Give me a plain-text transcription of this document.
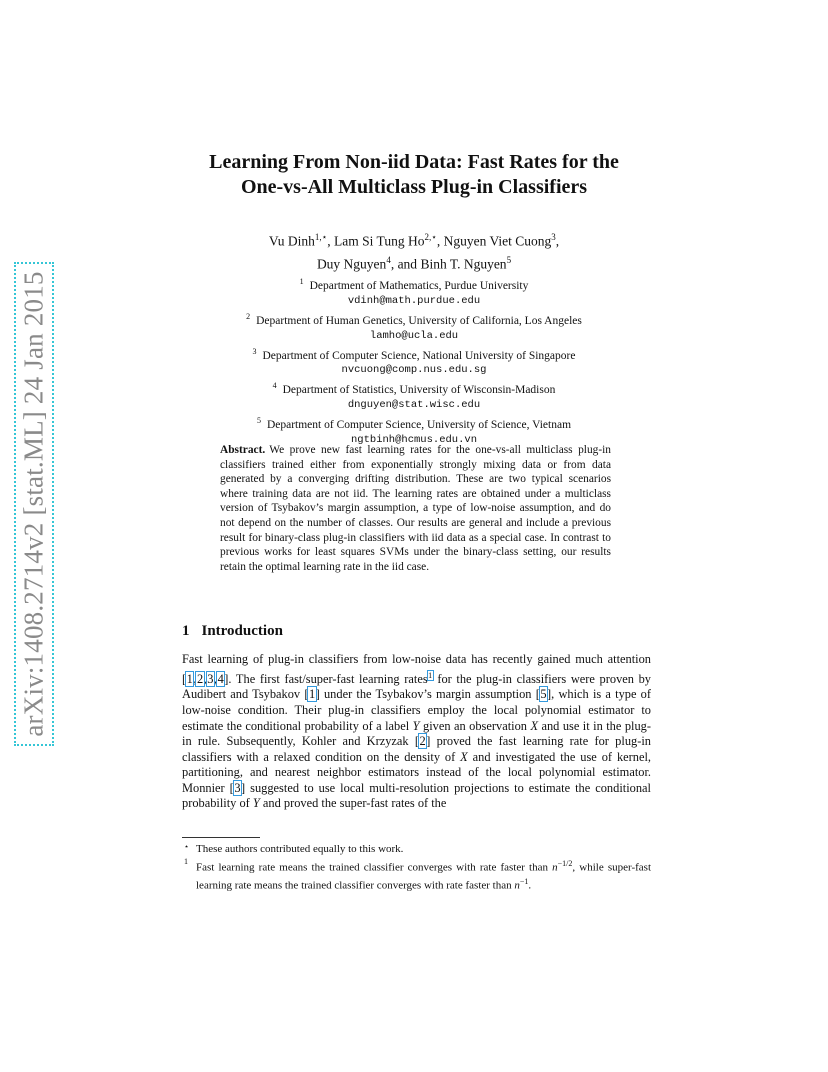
arXiv:1408.2714v2 [stat.ML] 24 Jan 2015
Learning From Non-iid Data: Fast Rates for the
One-vs-All Multiclass Plug-in Classifiers
Vu Dinh$^{1,⋆}$, Lam Si Tung $Ho^{2,⋆}$, Nguyen Viet Cuong$^3$,
Duy Nguyen$^4$, and Binh T. Nguyen$^5$

$^1$ Department of Mathematics, Purdue University

vdinh@math.purdue.edu

$^2$ Department of Human Genetics, University of California, Los Angeles

lamho@ucla.edu

$^3$ Department of Computer Science, National University of Singapore

nvcuong@comp.nus.edu.sg

$^4$ Department of Statistics, University of Wisconsin-Madison

dnguyen@stat.wisc.edu

$^5$ Department of Computer Science, University of Science, Vietnam

ngtbinh@hcmus.edu.vn

Abstract. We prove new fast learning rates for the one-vs-all multiclass plug-in classifiers trained either from exponentially strongly mixing data or from data generated by a converging drifting distribution. These are two typical scenarios where training data are not iid. The learning rates are obtained under a multiclass version of Tsybakov’s margin assumption, a type of low-noise assumption, and do not depend on the number of classes. Our results are general and include a previous result for binary-class plug-in classifiers with iid data as a special case. In contrast to previous works for least squares SVMs under the binary-class setting, our results retain the optimal learning rate in the iid case.
1 Introduction
Fast learning of plug-in classifiers from low-noise data has recently gained much attention [1,2,3,4]. The first fast/super-fast learning rates$^1$ for the plug-in classifiers were proven by Audibert and Tsybakov [1] under the Tsybakov’s margin assumption [5], which is a type of low-noise condition. Their plug-in classifiers employ the local polynomial estimator to estimate the conditional probability of a label Y given an observation X and use it in the plug-in rule. Subsequently, Kohler and Krzyzak [2] proved the fast learning rate for plug-in classifiers with a relaxed condition on the density of X and investigated the use of kernel, partitioning, and nearest neighbor estimators instead of the local polynomial estimator. Monnier [3] suggested to use local multi-resolution projections to estimate the conditional probability of Y and proved the super-fast rates of the

⋆ These authors contributed equally to this work.

1
Fast learning rate means the trained classifier converges with rate faster than $n^{-1/2}$, while super-fast learning rate means the trained classifier converges with rate faster than $n^{-1}$.
